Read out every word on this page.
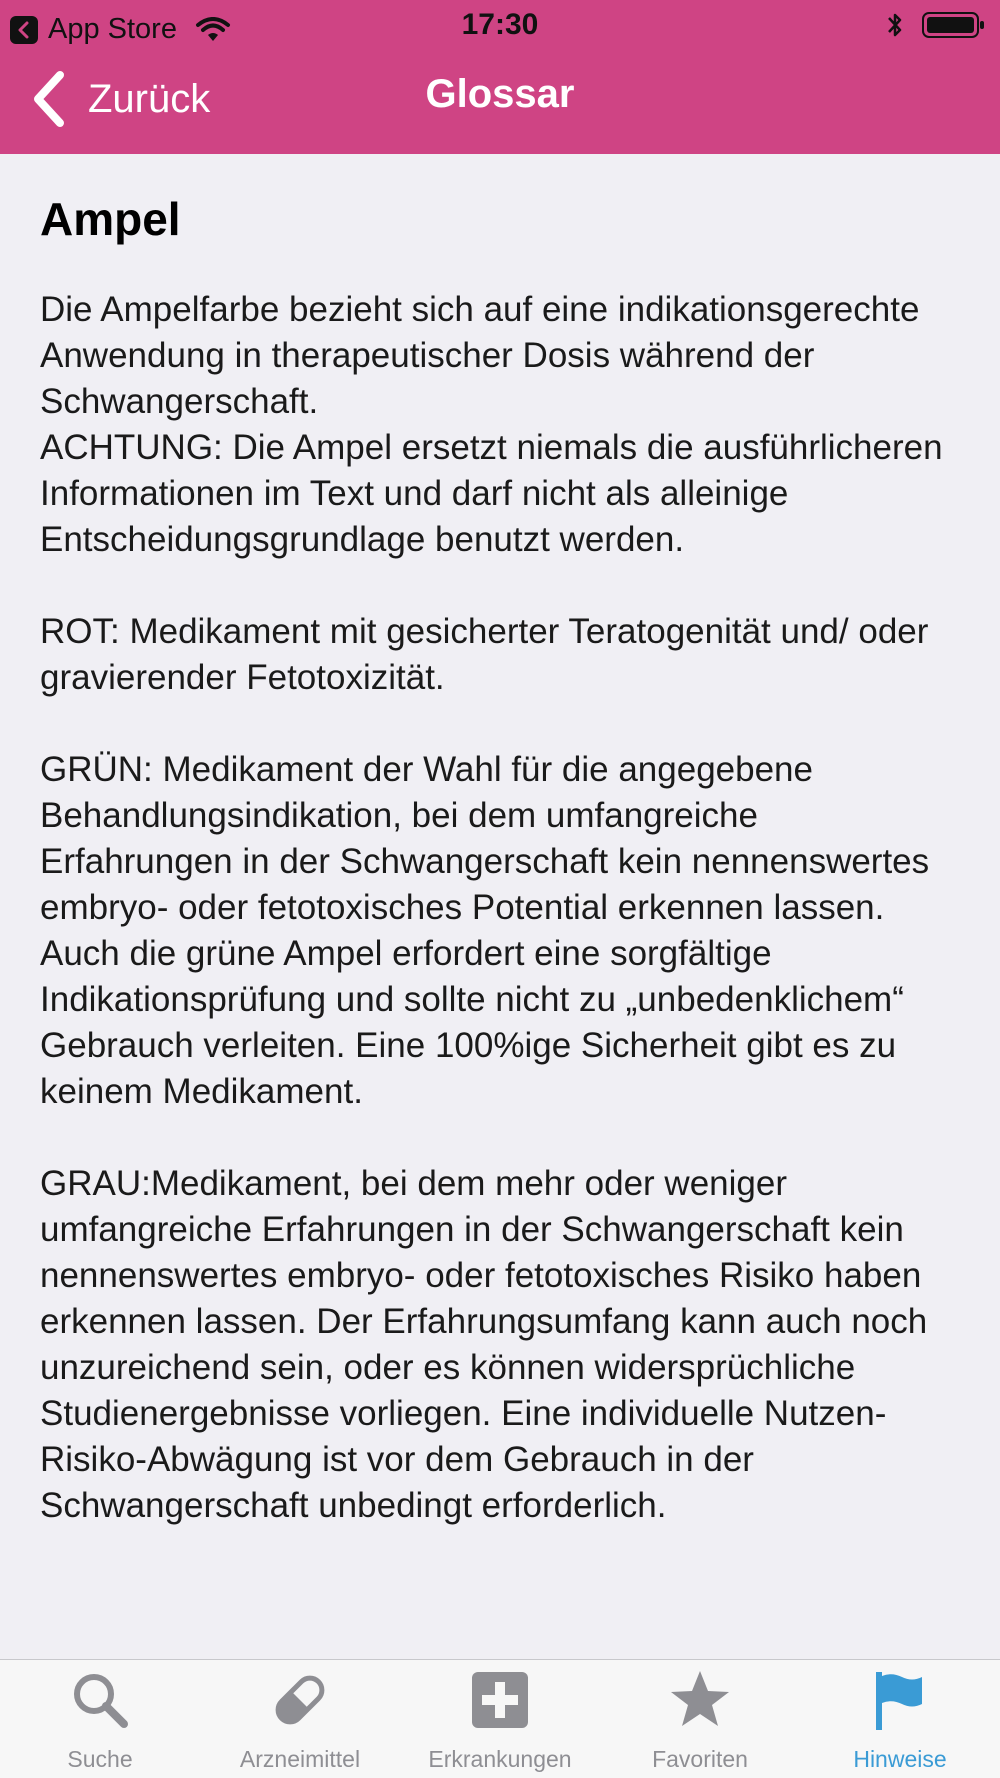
App Store	17:30
Zurück	Glossar
Ampel

Die Ampelfarbe bezieht sich auf eine indikationsgerechte Anwendung in therapeutischer Dosis während der Schwangerschaft.
ACHTUNG: Die Ampel ersetzt niemals die ausführlicheren Informationen im Text und darf nicht als alleinige Entscheidungsgrundlage benutzt werden.

ROT: Medikament mit gesicherter Teratogenität und/ oder gravierender Fetotoxizität.

GRÜN: Medikament der Wahl für die angegebene Behandlungsindikation, bei dem umfangreiche Erfahrungen in der Schwangerschaft kein nennenswertes embryo- oder fetotoxisches Potential erkennen lassen. Auch die grüne Ampel erfordert eine sorgfältige Indikationsprüfung und sollte nicht zu „unbedenklichem“ Gebrauch verleiten. Eine 100%ige Sicherheit gibt es zu keinem Medikament.

GRAU:Medikament, bei dem mehr oder weniger umfangreiche Erfahrungen in der Schwangerschaft kein nennenswertes embryo- oder fetotoxisches Risiko haben erkennen lassen. Der Erfahrungsumfang kann auch noch unzureichend sein, oder es können widersprüchliche Studienergebnisse vorliegen. Eine individuelle Nutzen-Risiko-Abwägung ist vor dem Gebrauch in der Schwangerschaft unbedingt erforderlich.

Suche	Arzneimittel	Erkrankungen	Favoriten	Hinweise
